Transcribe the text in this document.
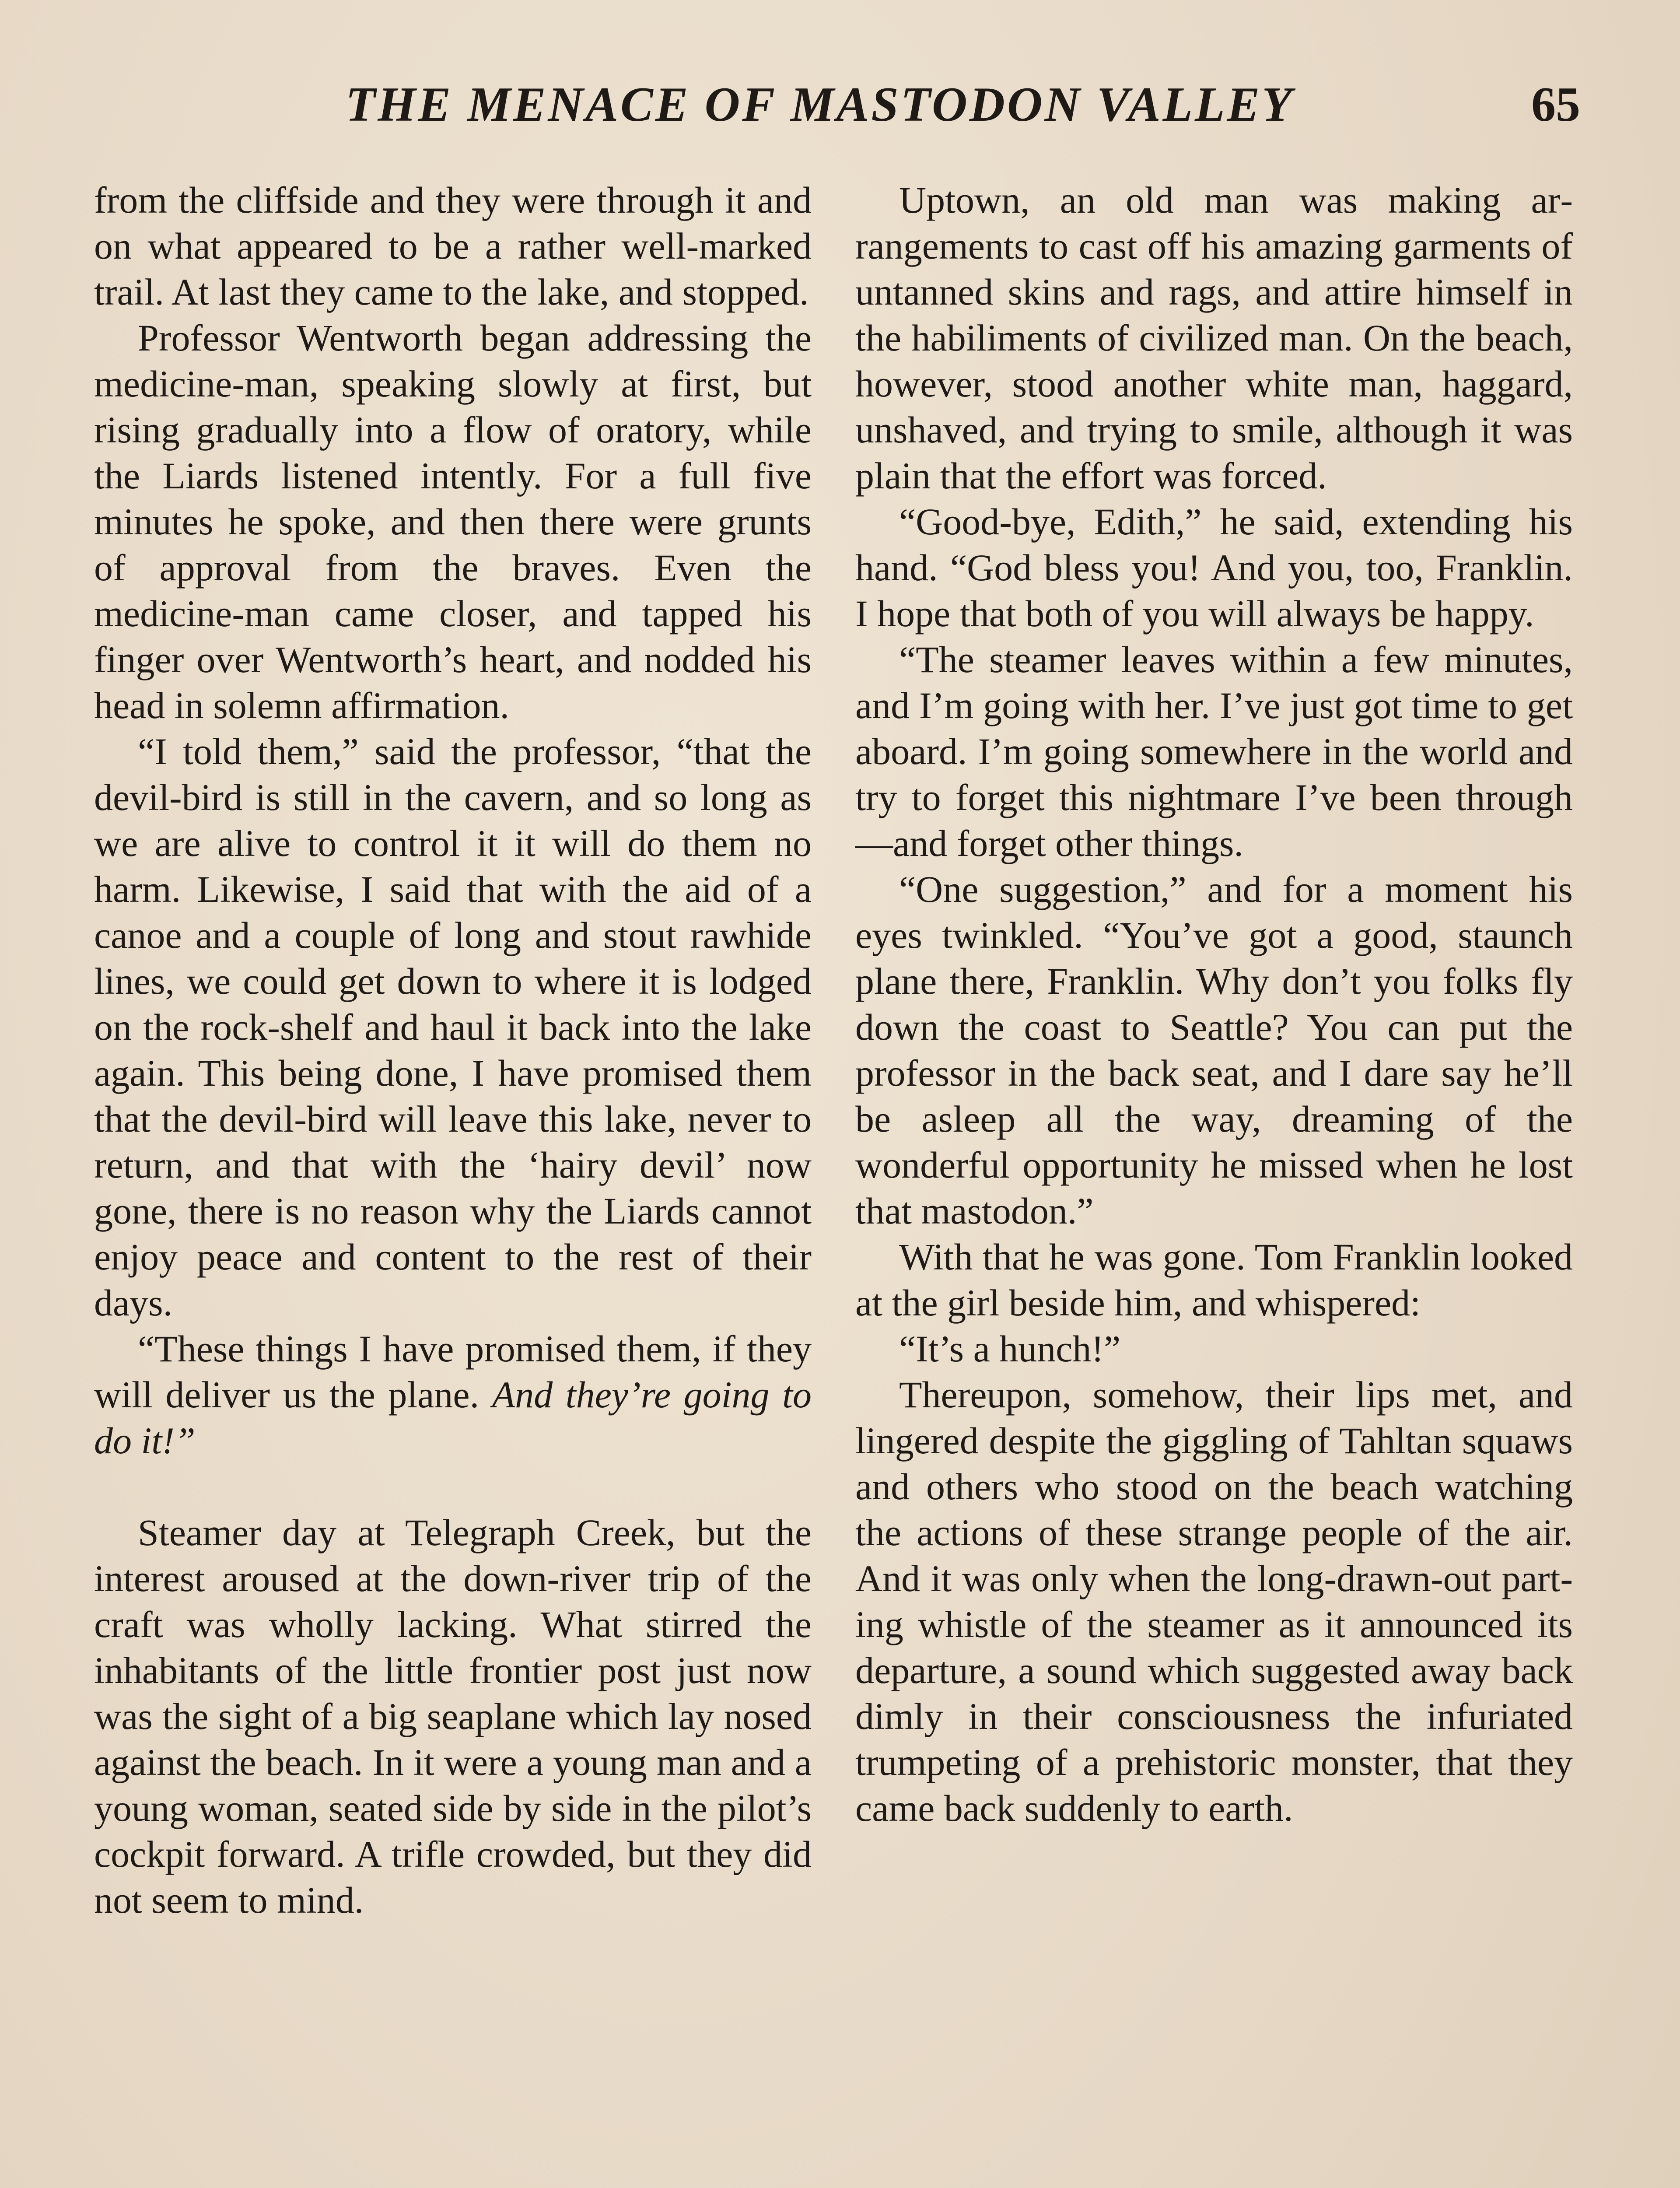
THE MENACE OF MASTODON VALLEY	65

from the cliffside and they were through it and on what appeared to be a rather well-marked trail. At last they came to the lake, and stopped.

Professor Wentworth began addressing the medicine-man, speaking slowly at first, but rising gradually into a flow of oratory, while the Liards listened intently. For a full five minutes he spoke, and then there were grunts of approval from the braves. Even the medicine-man came closer, and tapped his finger over Wentworth’s heart, and nodded his head in solemn affirmation.

“I told them,” said the professor, “that the devil-bird is still in the cavern, and so long as we are alive to control it it will do them no harm. Likewise, I said that with the aid of a canoe and a couple of long and stout rawhide lines, we could get down to where it is lodged on the rock-shelf and haul it back into the lake again. This being done, I have promised them that the devil-bird will leave this lake, never to return, and that with the ‘hairy devil’ now gone, there is no reason why the Liards cannot enjoy peace and content to the rest of their days.

“These things I have promised them, if they will deliver us the plane. And they’re going to do it!”

Steamer day at Telegraph Creek, but the interest aroused at the down-river trip of the craft was wholly lacking. What stirred the inhabitants of the little frontier post just now was the sight of a big seaplane which lay nosed against the beach. In it were a young man and a young woman, seated side by side in the pilot’s cockpit forward. A trifle crowded, but they did not seem to mind.

Uptown, an old man was making arrangements to cast off his amazing garments of untanned skins and rags, and attire himself in the habiliments of civilized man. On the beach, however, stood another white man, haggard, unshaved, and trying to smile, although it was plain that the effort was forced.

“Good-bye, Edith,” he said, extending his hand. “God bless you! And you, too, Franklin. I hope that both of you will always be happy.

“The steamer leaves within a few minutes, and I’m going with her. I’ve just got time to get aboard. I’m going somewhere in the world and try to forget this nightmare I’ve been through—and forget other things.

“One suggestion,” and for a moment his eyes twinkled. “You’ve got a good, staunch plane there, Franklin. Why don’t you folks fly down the coast to Seattle? You can put the professor in the back seat, and I dare say he’ll be asleep all the way, dreaming of the wonderful opportunity he missed when he lost that mastodon.”

With that he was gone. Tom Franklin looked at the girl beside him, and whispered:

“It’s a hunch!”

Thereupon, somehow, their lips met, and lingered despite the giggling of Tahltan squaws and others who stood on the beach watching the actions of these strange people of the air. And it was only when the long-drawn-out parting whistle of the steamer as it announced its departure, a sound which suggested away back dimly in their consciousness the infuriated trumpeting of a prehistoric monster, that they came back suddenly to earth.
